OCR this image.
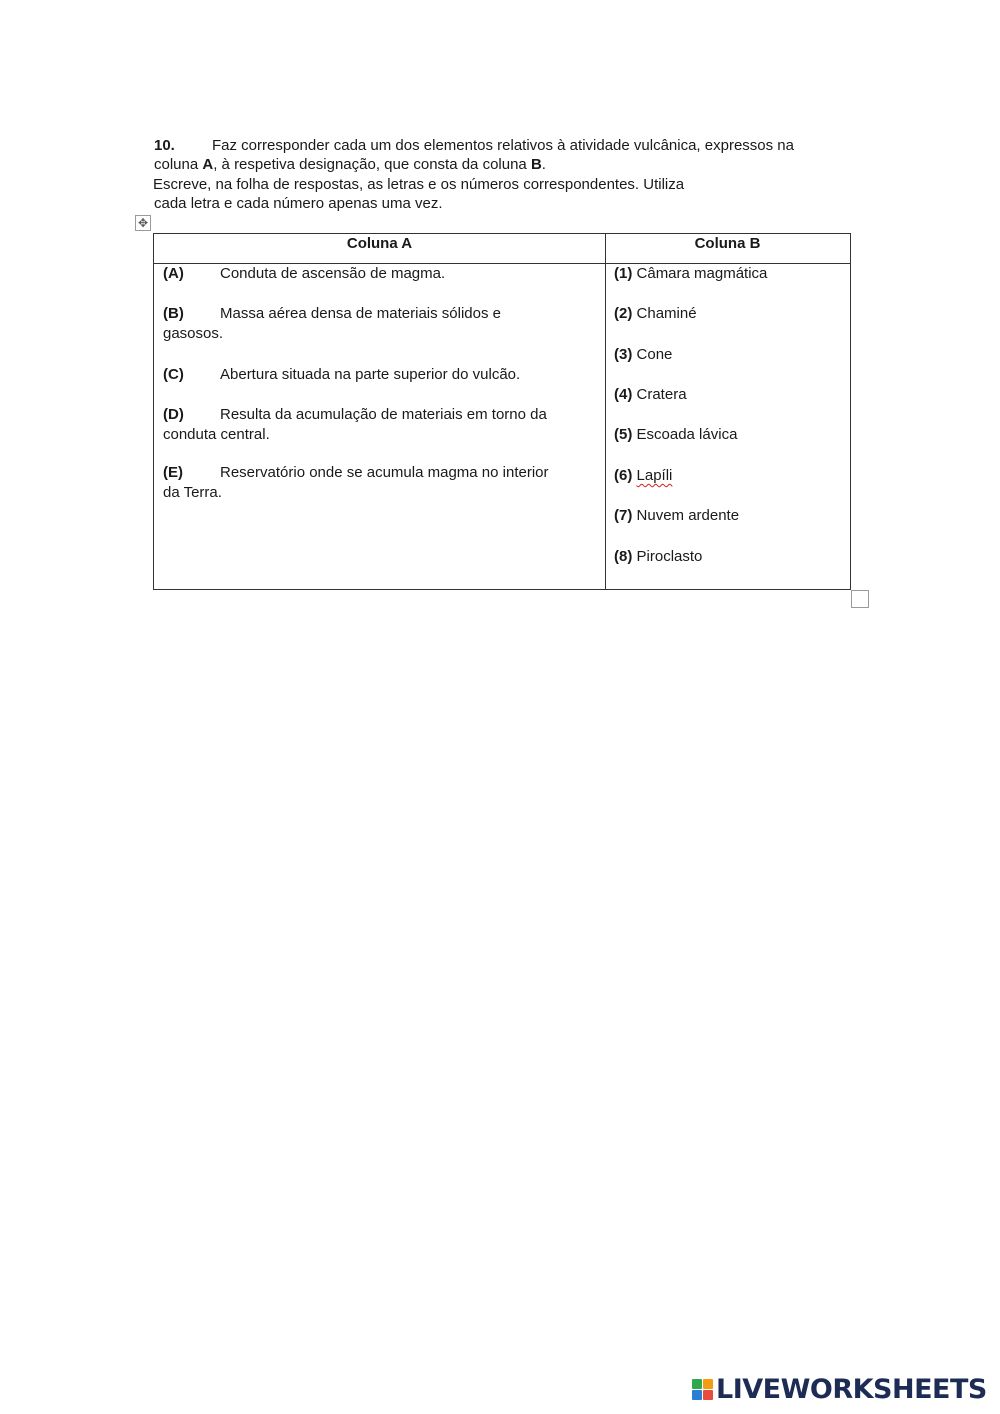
10. Faz corresponder cada um dos elementos relativos à atividade vulcânica, expressos na
coluna A, à respetiva designação, que consta da coluna B.
Escreve, na folha de respostas, as letras e os números correspondentes. Utiliza
cada letra e cada número apenas uma vez.
✥
Coluna A	Coluna B
(A) Conduta de ascensão de magma.
(B) Massa aérea densa de materiais sólidos e
gasosos.
(C) Abertura situada na parte superior do vulcão.
(D) Resulta da acumulação de materiais em torno da
conduta central.
(E) Reservatório onde se acumula magma no interior
da Terra.
(1) Câmara magmática
(2) Chaminé
(3) Cone
(4) Cratera
(5) Escoada lávica
(6) Lapíli
(7) Nuvem ardente
(8) Piroclasto
LIVEWORKSHEETS
